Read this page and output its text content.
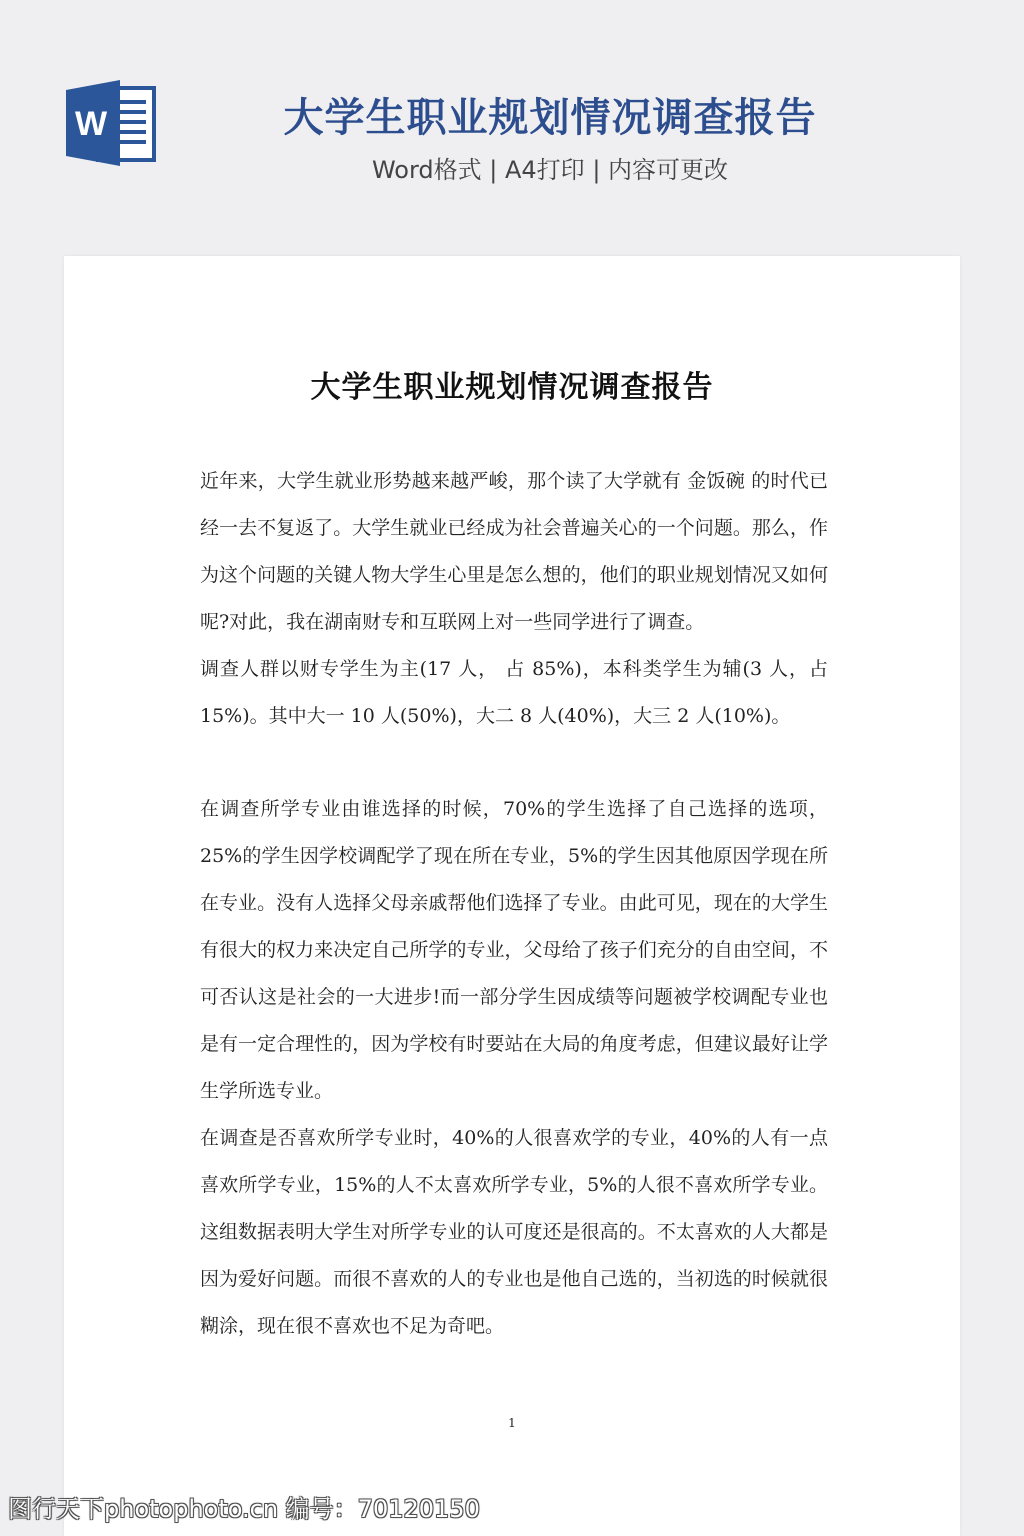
W	大学生职业规划情况调查报告
Word格式 | A4打印 | 内容可更改
大学生职业规划情况调查报告

近年来，大学生就业形势越来越严峻，那个读了大学就有 金饭碗 的时代已经一去不复返了。大学生就业已经成为社会普遍关心的一个问题。那么，作为这个问题的关键人物大学生心里是怎么想的，他们的职业规划情况又如何呢?对此，我在湖南财专和互联网上对一些同学进行了调查。

调查人群以财专学生为主(17 人， 占 85%)，本科类学生为辅(3 人，占 15%)。其中大一 10 人(50%)，大二 8 人(40%)，大三 2 人(10%)。

在调查所学专业由谁选择的时候，70%的学生选择了自己选择的选项，25%的学生因学校调配学了现在所在专业，5%的学生因其他原因学现在所在专业。没有人选择父母亲戚帮他们选择了专业。由此可见，现在的大学生有很大的权力来决定自己所学的专业，父母给了孩子们充分的自由空间，不可否认这是社会的一大进步!而一部分学生因成绩等问题被学校调配专业也是有一定合理性的，因为学校有时要站在大局的角度考虑，但建议最好让学生学所选专业。

在调查是否喜欢所学专业时，40%的人很喜欢学的专业，40%的人有一点喜欢所学专业，15%的人不太喜欢所学专业，5%的人很不喜欢所学专业。这组数据表明大学生对所学专业的认可度还是很高的。不太喜欢的人大都是因为爱好问题。而很不喜欢的人的专业也是他自己选的，当初选的时候就很糊涂，现在很不喜欢也不足为奇吧。

1
图行天下photophoto.cn 编号：70120150
